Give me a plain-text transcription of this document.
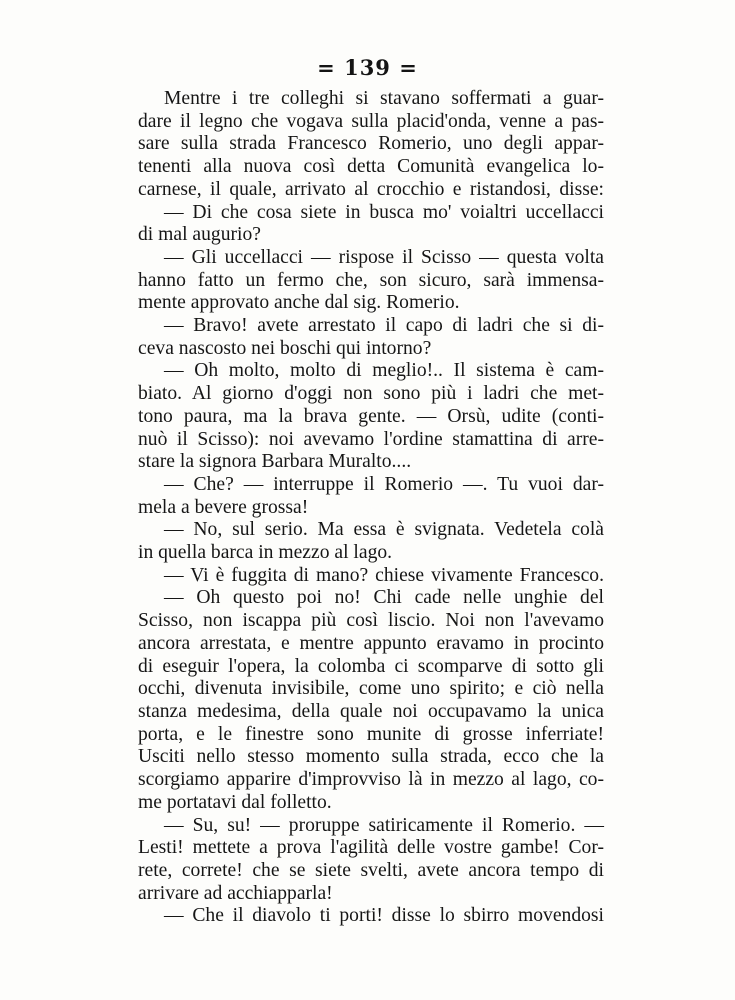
= 139 =
Mentre i tre colleghi si stavano soffermati a guar-
dare il legno che vogava sulla placid'onda, venne a pas-
sare sulla strada Francesco Romerio, uno degli appar-
tenenti alla nuova così detta Comunità evangelica lo-
carnese, il quale, arrivato al crocchio e ristandosi, disse:
— Di che cosa siete in busca mo' voialtri uccellacci
di mal augurio?
— Gli uccellacci — rispose il Scisso — questa volta
hanno fatto un fermo che, son sicuro, sarà immensa-
mente approvato anche dal sig. Romerio.
— Bravo! avete arrestato il capo di ladri che si di-
ceva nascosto nei boschi qui intorno?
— Oh molto, molto di meglio!.. Il sistema è cam-
biato. Al giorno d'oggi non sono più i ladri che met-
tono paura, ma la brava gente. — Orsù, udite (conti-
nuò il Scisso): noi avevamo l'ordine stamattina di arre-
stare la signora Barbara Muralto....
— Che? — interruppe il Romerio —. Tu vuoi dar-
mela a bevere grossa!
— No, sul serio. Ma essa è svignata. Vedetela colà
in quella barca in mezzo al lago.
— Vi è fuggita di mano? chiese vivamente Francesco.
— Oh questo poi no! Chi cade nelle unghie del
Scisso, non iscappa più così liscio. Noi non l'avevamo
ancora arrestata, e mentre appunto eravamo in procinto
di eseguir l'opera, la colomba ci scomparve di sotto gli
occhi, divenuta invisibile, come uno spirito; e ciò nella
stanza medesima, della quale noi occupavamo la unica
porta, e le finestre sono munite di grosse inferriate!
Usciti nello stesso momento sulla strada, ecco che la
scorgiamo apparire d'improvviso là in mezzo al lago, co-
me portatavi dal folletto.
— Su, su! — proruppe satiricamente il Romerio. —
Lesti! mettete a prova l'agilità delle vostre gambe! Cor-
rete, correte! che se siete svelti, avete ancora tempo di
arrivare ad acchiapparla!
— Che il diavolo ti porti! disse lo sbirro movendosi
